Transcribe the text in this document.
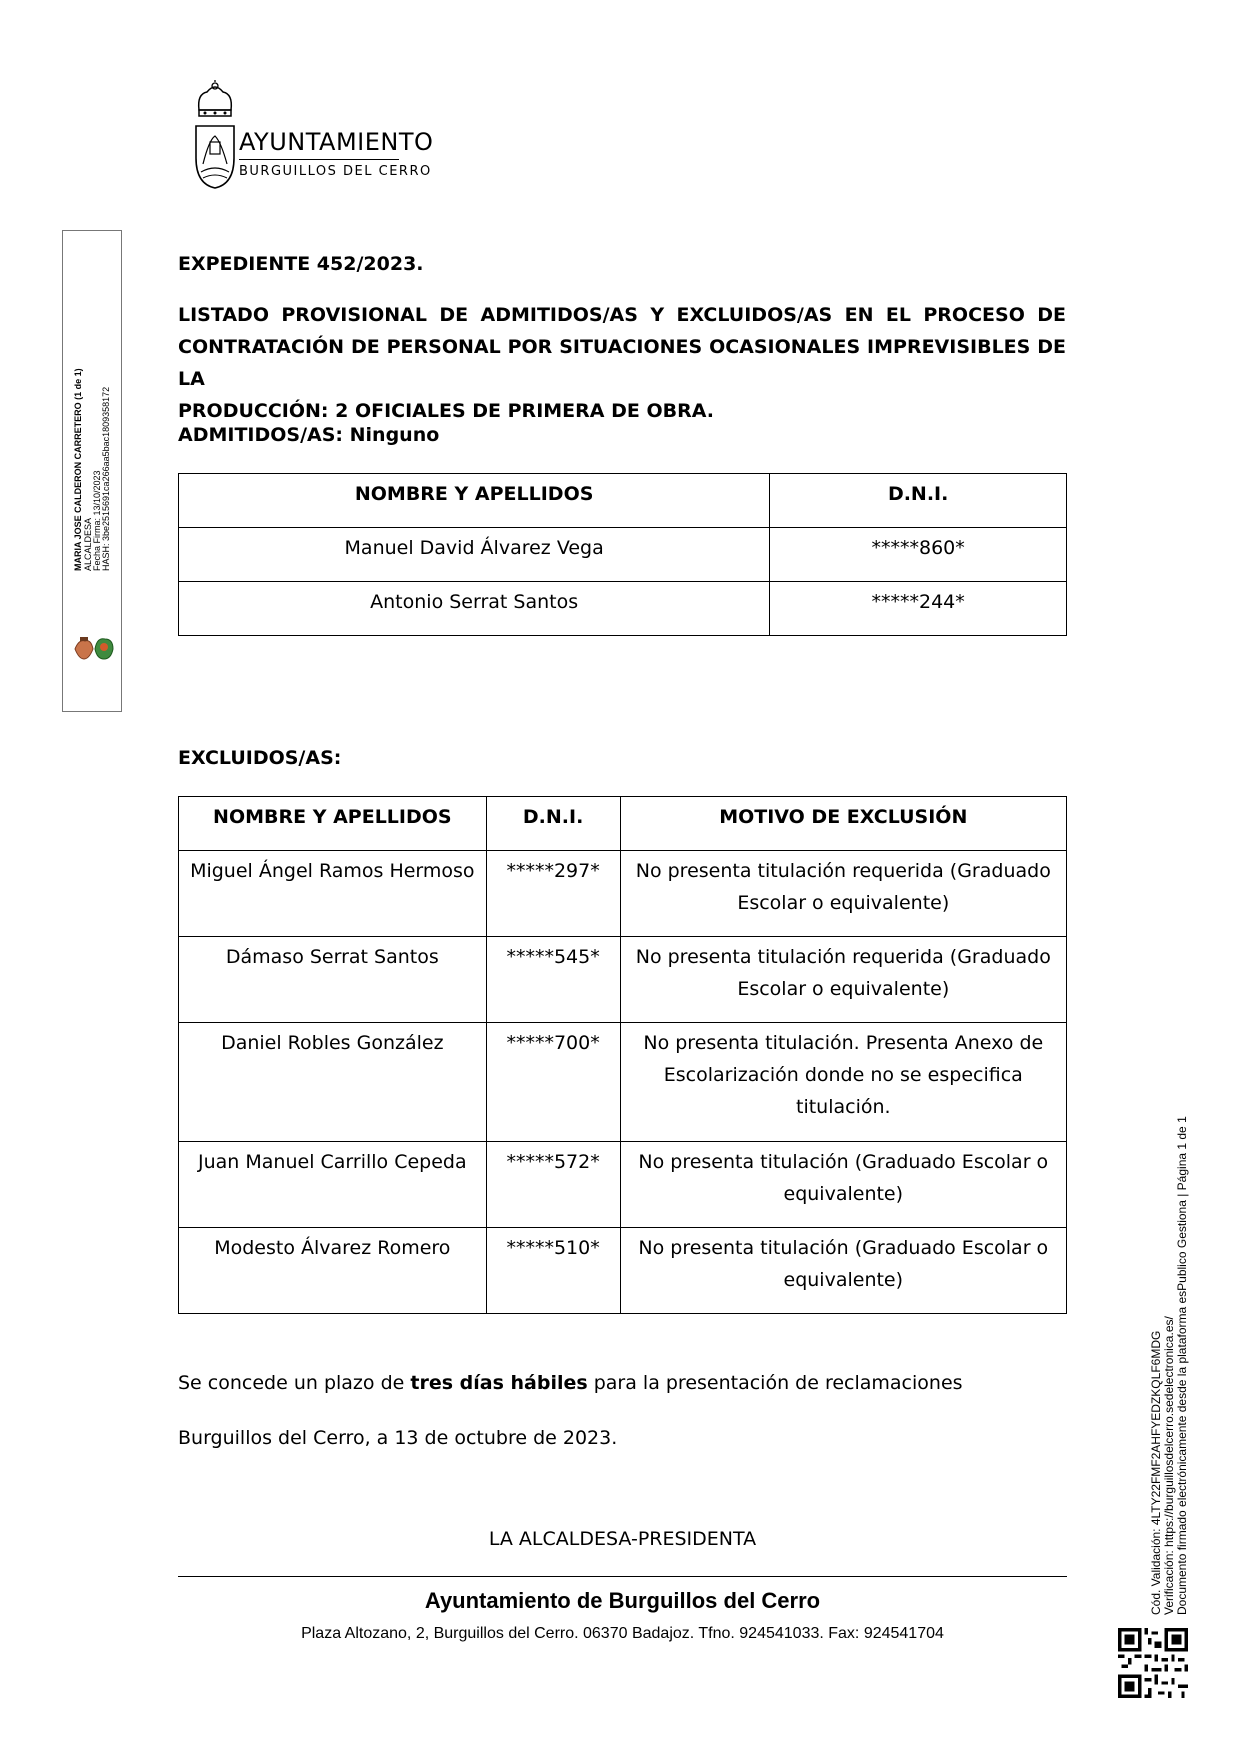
AYUNTAMIENTO
BURGUILLOS DEL CERRO
MARIA JOSE CALDERON CARRETERO (1 de 1) ALCALDESA Fecha Firma: 13/10/2023 HASH: 3be2515691ca266aa5bac1809358172
Cód. Validación: 4LTY22FMF2AHFYEDZKQLF6MDG Verificación: https://burguillosdelcerro.sedelectronica.es/ Documento firmado electrónicamente desde la plataforma esPublico Gestiona | Página 1 de 1
EXPEDIENTE 452/2023.
LISTADO PROVISIONAL DE ADMITIDOS/AS Y EXCLUIDOS/AS EN EL PROCESO DE
CONTRATACIÓN DE PERSONAL POR SITUACIONES OCASIONALES IMPREVISIBLES DE LA
PRODUCCIÓN: 2 OFICIALES DE PRIMERA DE OBRA.
ADMITIDOS/AS: Ninguno
NOMBRE Y APELLIDOS	D.N.I.
Manuel David Álvarez Vega	*****860*
Antonio Serrat Santos	*****244*
EXCLUIDOS/AS:
NOMBRE Y APELLIDOS	D.N.I.	MOTIVO DE EXCLUSIÓN
Miguel Ángel Ramos Hermoso	*****297*	No presenta titulación requerida (Graduado Escolar o equivalente)
Dámaso Serrat Santos	*****545*	No presenta titulación requerida (Graduado Escolar o equivalente)
Daniel Robles González	*****700*	No presenta titulación. Presenta Anexo de Escolarización donde no se especifica titulación.
Juan Manuel Carrillo Cepeda	*****572*	No presenta titulación (Graduado Escolar o equivalente)
Modesto Álvarez Romero	*****510*	No presenta titulación (Graduado Escolar o equivalente)
Se concede un plazo de tres días hábiles para la presentación de reclamaciones
Burguillos del Cerro, a 13 de octubre de 2023.
LA ALCALDESA-PRESIDENTA
Ayuntamiento de Burguillos del Cerro
Plaza Altozano, 2, Burguillos del Cerro. 06370 Badajoz. Tfno. 924541033. Fax: 924541704
